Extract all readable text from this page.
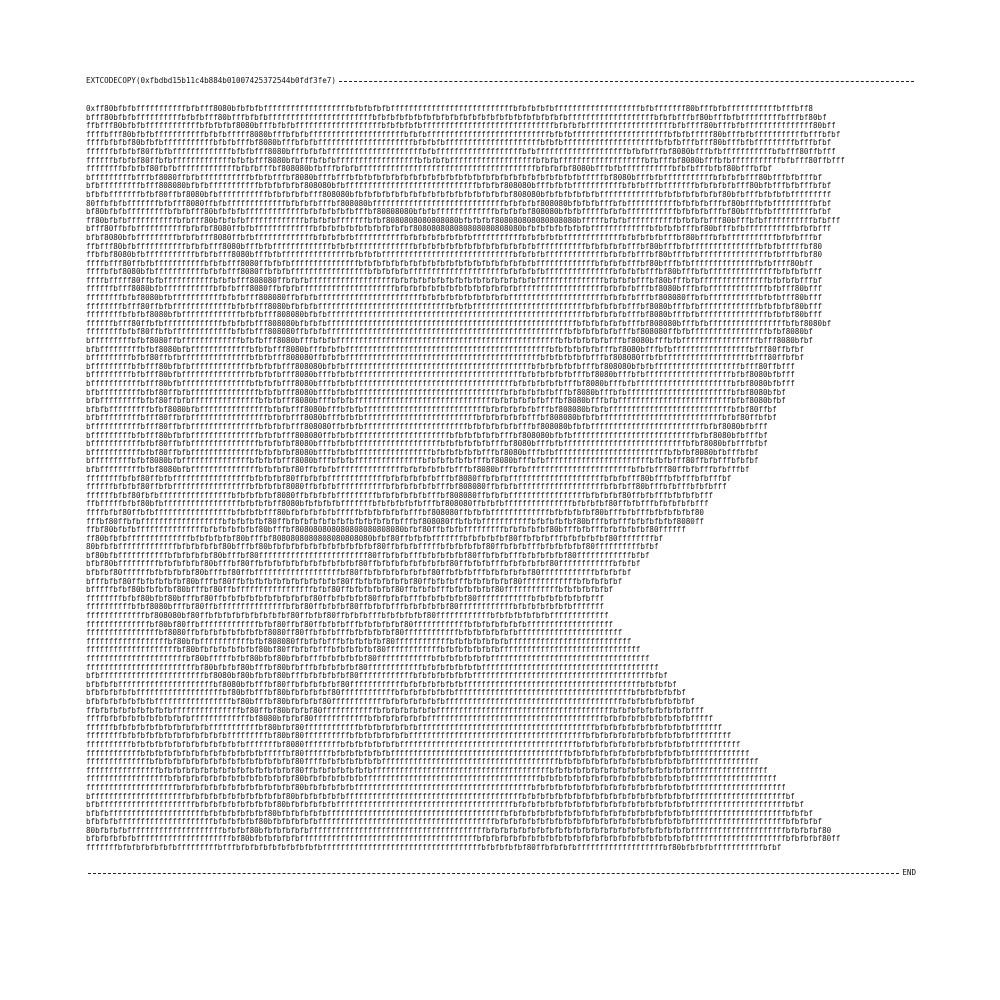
EXTCODECOPY(0xfbdbd15b11c4b884b01007425372544b0fdf3fe7)
0xff80bfbfbfffffffffffbfbfff8080bfbfbfbfffffffffffffffffffbfbfbfbfbfffffffffffffffffffffffffffbfbfbfbfbfffffffffffffffffffbfbfffffff80bfffbfbfffffffffffbfffbff8
bfff80bfbfbffffffffffbfbfbfff80bfffbfbfbfffffffffffffffffffffffbfbfbfbfbfbfbfbfbfbfbfbfbfbfbfbfbfbfbfbfbfbfffffffffffffffffffbfbfbfffbf80bfffbfbfffffffffbfffbf80bf
ffbfff80bfbfbffffffffffffbfbfbfbf8080bfffbfbfbfffffffffffffffffffbfbfbfbfbfffffffffffffffffffffffffffffbfbfbfbfffffffffffffffffffbfbffff80bfffbfbfffffffffffffff80bff
ffffbfff80bfbfbfffffffffffbfbfbfffff8080bfffbfbfbfffffffffffffffffffffbfbfbfffffffffffffffffffffffffffbfbfbfffffffffffffffffffffbfbfbfffff80bfffbfbfffffffffffbfffbfbf
ffffbfbfbf80bfbfbfffffffffffbfbfbfffbf8080bfffbfbfbfffffffffffffffffffffbfbfbfbfffffffffffffffffffffbfbfbfffffffffffffffffffffbfbfbfffbfff80bfffbfbfffffffffbfffbfbf
ffffffbfbfbf80ffbfbfffffffffffffbfbfbfff8080bfffbfbfbfffffffffffffffffffffbfbfffffffffffffffffffbfbffffffffffffffffffffbfbfbfffbf8080bfffbfbfffffffffffbfbfff80ffbfff
ffffffbfbfbf80ffbfbfffffffffffffbfbfbfff8080bfbfffbfbfbffffffffffffffffffbfbfbfbfffffffffffffffffffbfbfbfffffffffffffffffffbfbfffbf8080bfffbfbfffffffffffbfbfff80ffbfff
ffffffffbfbfbf80fbfbfffffffffffffbfbfbfffbf808080bfbfffbfbfbfffffffffffffffffffffffffffffffffffffffbfbfbfbf8080bfffbfbfffffffffffbfbfbfffbfbf80bfffbfbf
bfffffffffbfffbf8080ffbfbfffffffffffbfbfbfffbf8080bfffbfffbfbfbfbfbfbfbfbfbfbfbfbfbfbfbfbfbfbfbfbfbfbfbfbfbfbfffffbf8080bfffbfbfffffffffffbfbfbfbfff80bfffbfbfffbf
bfbfffffffffbfff808080bfbfbfffffffffffbfbfbfbfbf808080bfbfffffffffffffffffffffffffffffbfbfbf808080bfffbfbfbfffffffffffbfbfbfffbfffffffbfbfbfbfbfff80bfbfffbfbfffbfbf
bfbfbfffffffbfbf80ffbf8080bfbfffffffffffbfbfbfbfbfff808080bfbfbfbfbfbfbfbfbfbfbfbfbfbfbfbfbfbf808080bfbfbfbfbfbfbfffffffffffffbfbfbfbfbfbfbf80bfbfffbfbfbfbfffffffff
80ffbfbfbfffffffbfbfff8080ffbfbfffffffffffffbfbfbfbfffbf808080bfffffffffffffffffffffffffffffbfbfbfbf808080bfbfbfbfffbfbfffffffffffbfbfbfbfffbf80bfffbfbfffffffffbfbf
bf80bfbfbfffffffffbfbfbfff80bfbfbfbfffffffffffffbfbfbfbfbfbfffbf80808080bfbfbfffffffffffffbfbfbfbf808080bfbfbfffffbfbfbfffffffffffbfbfbfbfffbf80bfffbfbfffffffffbfbf
ff80bfbfbfffffffffffbfbfff80bfbfbfbfffffffffffffbfbfbfbfffffffbfbf8080808080808080bfbfbfbf808080808080808080bfffffbfbfbfffffffffffbfbfbfbfff80bfffbfbfffffffffffbfbfff
bfff80ffbfbfffffffffffbfbfbf8080ffbfbfffffffffffffbfbfbfbfbfbfbfbfbfbfbf808080808080808080808080bfbfbfbfbfbfbfbfffffffffffffbfbfbfbfffbf80bfffbfbfffffffffffbfbfbfff
bfbf8080bfbfffffffffbfbfbfff8080ffbfbfffffffffffffbfbfbfbfbfffffffffffbfbfbfbfbfbfbfbfffffffffffbfbfbfbfbfffffffffffffbfbfbfbfbfffbf80bfffbfbfffffffffffbfbfbfffbf
ffbfff80bfbfffffffffffbfbfbfff8080bfffbfbfffffffffffffbfbfbfffffffffffffbfbfbfbfbfbfbfbfbfbfbfbfbfbfffffffffffbfbfbfbfbfffbf80bfffbfbfffffffffffffffbfbfbfffffbf80
ffbfbf8080bfbfffffffffffbfbfbfff8080bfffbfbfffffffffffffffbfbfbfbfffffffffffffffffffffffffffffbfbfbfbfffffffffffffbfbfbfbfffbf80bfffbfbfffffffffffffffbfbfffbfbf80
ffffbfff80ffbfbfffffffffffbfbfbfff8080ffbfbfbfffffffffffffffbfbfbfbfbfbfbfbfbfbfbfbfbfbfbfbfbfbfbfbfffffffffffffbfbfbfbfffbf80bfffbfbfffffffffffffffbfbffff80bff
ffffbfbf8080bfbfffffffffffbfbfbfff8080ffbfbfbfffffffffffffffffbfbfbfbfbfffffffffffffffffffffbfbfbfbfbfffffffffffffffbfbfbfbfffbf80bfffbfbfffffffffffffffbfbfbfbfff
ffffbfffff80ffbfbfffffffffffbfbfbfff808080ffbfbfbfffffffffffffffffffbfbfbfbfbfbfbfbfbfbfbfbfbfbfbfbfffffffffffffffbfbfbfbfffbf80bfffbfbfffffffffffffffbfbfbfbfffbf
ffffffbfff8080bfbfffffffffffbfbfbfff8080ffbfbfbfffffffffffffffffffffbfbfbfbfbfbfbfbfbfbfbfbfbfbfffffffffffffffffffbfbfbfbfffbf8080bfffbfbfffffffffffffbfbfff80bfff
ffffffffbfbf8080bfbfffffffffffbfbfbfff808080ffbfbfbfffffffffffffffffffffffbfbfbfbfbfbfbfbfbfbfffffffffffffffffffffbfbfbfbfffbf808080ffbfbfffffffffffbfbfbfff80bfff
ffffffffbfff80ffbfbfffffffffffffbfbfbfff8080bfbfbfbfffffffffffffffffffffffffffffbfbfbfffffffffffffffffffffffffbfbfbfbfbfffbf8080bfffbfbfffffffffffffbfbfbfbf80bfff
ffffffffbfbfbf8080bfbfffffffffffffbfbfbfff808080bfbfbfffffffffffffffffffffffffffffffffffffffffffffffffffffffffbfbfbfbfbfffbf8080bfffbfbfffffffffffffffbfbfbf80bfff
ffffffbfff80ffbfbfffffffffffffbfbfbfbfff808080bfbfbfbfffffffffffffffffffffffffffffffffffffffffffffffffffffffbfbfbfbfbfbfffbf808080bfffbfbfffffffffffffffffbfbf8080bf
ffffffffbfbf80ffbfbfffffffffffffbfbfbfff808080ffbfbfbfffffffffffffffffffffffffffffffffffffffffffffffffffffbfbfbfbfbfbfffbf808080ffbfbfffffffffffffffffbfbf8080bf
bfffffffffbfbf8080ffbfffffffffffffbfbfbfff8080bfffbfbfbfffffffffffffffffffffffffffffffffffffffffffffffffbfbfbfbfbfbfffbf8080bfffbfbfffffffffffffffffbfff8080bfbf
bfbfffffffffbfbf8080bfbfffffffffffffbfbfbfff8080bfffbfbfbfffffffffffffffffffffffffffffffffffffffffffffbfbfbfbfbfbfffbf8080bfffbfbfffffffffffffffffbfff80ffbfbf
bfffffffffbfbf80ffbfbfffffffffffffffbfbfbfff808080ffbfbfbfffffffffffffffffffffffffffffffffffffffffffbfbfbfbfbfbfffbf808080ffbfbfffffffffffffffffffbfff80ffbfbf
bfffffffffbfbfff80bfbfbfffffffffffffbfbfbfbfff808080bfbfbfffffffffffffffffffffffffffffffffffffffffbfbfbfbfbfbfffbf808080bfbfbfffffffffffffffffffbfff80ffbfff
bfffffffffbfbfff80bfbfffffffffffffffbfbfbfbfff8080bfffbfbfbfffffffffffffffffffffffffffffffffffffbfbfbfbfbfbfffbf8080bfffbfbfffffffffffffffffffbfbf8080bfbfff
bfffffffffffbfff80bfbfffffffffffffffbfbfbfbfff8080bfffbfbfbfffffffffffffffffffffffffffffffffffbfbfbfbfbfbfffbf8080bfffbfbfffffffffffffffffffffbfbf8080bfbfff
bfbfffffffffbfbf80ffbfbfffffffffffffffbfbfbfff8080bfffbfbfbfffffffffffffffffffffffffffffffffbfbfbfbfbfbfffbf8080bfffbfbfffffffffffffffffffffffbfbf8080bfbf
bfbfffffffffbfbf80ffbfbfffffffffffffffbfbfbfff8080bfffbfbfbfffffffffffffffffffffffffffffffbfbfbfbfbfbfffbf8080bfffbfbfffffffffffffffffffffffffbfbf8080bfbf
bfbfbfffffffffbfbf8080bfbfffffffffffffffbfbfbfff8080bfffbfbfbfffffffffffffffffffffffffffbfbfbfbfbfbfffbf808080bfbfbfffffffffffffffffffffffffffbfbf80ffbf
bfbfffffffffbfff80ffbfbfffffffffffffffffbfbfbfff8080bfffbfbfbfffffffffffffffffffffffffbfbfbfbfbfbfffbf808080bfbfbfffffffffffffffffffffffffffbfbf80ffbfbf
bfffffffffffbfff80ffbfbfffffffffffffffbfbfbfbfff808080ffbfbfbfffffffffffffffffffffffbfbfbfbfbfbfffbf808080bfbfbfffffffffffffffffffffffffbfbf8080bfbfff
bfffffffffbfbfff80bfbfbfffffffffffffffbfbfbfff808080ffbfbfbfffffffffffffffffffffbfbfbfbfbfbfffbf808080bfbfbfffffffffffffffffffffffffffbfbf8080bfbfffbf
bfffffffffffbfbf80ffbfbfffffffffffffffbfbfbfbf8080bfffbfbfbfffffffffffffffffffbfbfbfbfbfbfffbf8080bfffbfbfffffffffffffffffffffffffffbfbf8080bfbfffbfbf
bfffffffffffbfbf80ffbfbfffffffffffffffbfbfbfbf8080bfffbfbfbfffffffffffffffffbfbfbfbfbfbfffbf8080bfffbfbfffffffffffffffffffffffffbfbfbf8080bfbfffbfbf
bfffffffffbfbf8080bfbfffffffffffffffbfbfbfbfff8080bfffbfbfbfffffffffffffffbfbfbfbfbfbfffbf8080bfffbfbfffffffffffffffffffffffbfbfbfff80ffbfbfffbfbfbf
bfbfffffffffbfbf8080bfbfffffffffffffffbfbfbfbf80ffbfbfbfffffffffffffffbfbfbfbfbfbfffbf8080bfffbfbfffffffffffffffffffffffbfbfbfff80ffbfbfffbfbfffbf
ffffffffbfbf80ffbfbfffffffffffffffffbfbfbfbf80ffbfbfbfffffffffffffbfbfbfbfbfbfffbf8080ffbfbfbfffffffffffffffffffffbfbfbfff80bfffbfbfffbfbfffbf
ffffffbfbfbf80ffbfbfffffffffffffffffbfbfbfbf8080ffbfbfbfffffffffffbfbfbfbfbfbfffbf808080ffbfbfbfffffffffffffffffffbfbfbff80bfffbfbfffbfbfbfff
ffffffbfbf80fbfbffffffffffffffffbfbfbfbfbf8080ffbfbfbfbfffffffffbfbfbfbfbfbfffbf808080ffbfbfbfffffffffffffffffbfbfbfbf80ffbfbfffbfbfbfbfff
ffbfffffbfbf80bfbfffffffffffffffffbfbfbfbff8080bfbfbfbfbfffffffbfbfbfbfbfbfffbf808080ffbfbfbfffffffffffffffbfbfbfbf80ffbfbfffbfbfbfbfbfff
ffffbfbf80ffbfbfffffffffffffffffbfbfbfbfff80bfbfbfbfbfbfffffbfbfbfbfbfbfffbf808080ffbfbfbfffffffffffffbfbfbfbfbf80bfffbfbfffbfbfbfbfbf80
fffbf80ffbfbffffffffffffffffffbfbfbfbfbf80ffbfbfbfbfbfbfbfbfbfbfbfbfbfffbf808080ffbfbfbfffffffffffbfbfbfbfbf80bfffbfbfffbfbfbfbfbf8080ff
ffbf80bfbfbfffffffffffffffbfbfbfbfbfbf80bfffbf808080808080808080808080bfbf80ffbfbfbfffffffffbfbfbfbfbf80bfffbfbfffbfbfbfbfbf80ffffff
ff80bfbfbffffffffffffffbfbfbfbfbf80bfffbf8080808080808080808080bfbf80ffbfbfbfffffffbfbfbfbfbf80ffbfbfbfffbfbfbfbfbf80ffffffffbf
80bfbfbfffffffffffffbfbfbfbfbf80bfffbf80bfbfbfbfbfbfbfbfbfbfbfbf80ffbfbfbfffffbfbfbfbfbf80ffbfbfbfffbfbfbfbfbf80ffffffffffbfbf
bf80bfbfffffffffffbfbfbfbfbf80bfffbf80ffffffffffffffffffffffff80ffbfbfbfffbfbfbfbfbf80ffbfbfbfffbfbfbfbfbf80ffffffffffffbfbf
bfbf80bfffffffffbfbfbfbfbf80bfffbf80ffbfbfbfbfbfbfbfbfbfbfbf80ffbfbfbfbfbfbfbfbf80ffbfbfbfffbfbfbfbfbf80ffffffffffffbfbfbf
bfbfbf80ffffffbfbfbfbfbf80bfffbf80ffbfffffffffffffffffffbf80ffbfbfbfbfbfbfbf80ffbfbfbfffbfbfbfbfbf80ffffffffffffbfbfbfbf
bfffbfbf80ffbfbfbfbfbf80bfffbf80ffbfbfbfbfbfbfbfbfbfbfbf80ffbfbfbfbfbfbf80ffbfbfbfffbfbfbfbfbf80ffffffffffffbfbfbfbfbf
bfffffbfbf80bfbfbfbf80bfffbf80ffbfffffffffffffffffbfbf80ffbfbfbfbfbf80ffbfbfbfffbfbfbfbfbf80ffffffffffffbfbfbfbfbfbf
ffffffffbfbf80bfbf80bfffbf80ffbfbfbfbfbfbfbfbfbfbf80ffbfbfbfbf80ffbfbfbfffbfbfbfbfbf80ffffffffffffbfbfbfbfbfbfbfff
ffffffffffbfbf8080bfffbf80ffbfffffffffffffffbfbf80ffbfbfbf80ffbfbfbfffbfbfbfbfbf80ffffffffffffbfbfbfbfbfbfbfffffff
fffffffffffffbf808080bf80ffbfbfbfbfbfbfbfbfbf80ffbfbf80ffbfbfbfffbfbfbfbfbf80ffffffffffffbfbfbfbfbfbfbfffffffffffff
ffffffffffffffbf80bf80ffbfffffffffffffbfbf80ffbf80ffbfbfbfffbfbfbfbfbf80ffffffffffffbfbfbfbfbfbfbfffffffffffffffffff
ffffffffffffffffbf8080ffbfbfbfbfbfbfbfbf8080ff80ffbfbfbfffbfbfbfbfbf80ffffffffffffbfbfbfbfbfbfbfffffffffffffffffffffff
ffffffffffffffffffbf80bfbfffffffffffbfbf808080ffbfbfbfffbfbfbfbfbf80ffffffffffffbfbfbfbfbfbfbfffffffffffffffffffffffffff
ffffffffffffffffffffbf80bfbfbfbfbfbfbf80bf80ffbfbfbfffbfbfbfbfbf80ffffffffffffbfbfbfbfbfbfbfffffffffffffffffffffffffffffff
ffffffffffffffffffffffbf80bfffffbfbf80bfbf80bfbfbfffbfbfbfbfbf80ffffffffffffbfbfbfbfbfbfbfffffffffffffffffffffffffffffffffff
ffffffffffffffffffffffffbf80bfbfbf80bfffbf80bfbfffbfbfbfbfbf80ffffffffffffbfbfbfbfbfbfbfffffffffffffffffffffffffffffffffffffff
bfbfffffffffffffffffffffffbf8080bf80bfbfbf80bfffbfbfbfbfbf80ffffffffffffbfbfbfbfbfbfbfffffffffffffffffffffffffffffffffffffffbfbf
bfbfbfbfffffffffffffffffffffbf8080bfbfffbf80ffbfbfbfbfbf80ffffffffffffbfbfbfbfbfbfbfffffffffffffffffffffffffffffffffffffffbfbfbfbf
bfbfbfbfbfbfffffffffffffffffffbf80bfbfffbf80bfbfbfbfbf80ffffffffffffbfbfbfbfbfbfbfffffffffffffffffffffffffffffffffffffffbfbfbfbfbfbf
bfbfbfbfbfbfbfbfffffffffffffffffbf80bfffbf80bfbfbfbf80ffffffffffffbfbfbfbfbfbfbfffffffffffffffffffffffffffffffffffffffbfbfbfbfbfbfbfbf
ffbfbfbfbfbfbfbfbfbfffffffffffffffbf80ffbf80bfbfbf80ffffffffffffbfbfbfbfbfbfbfffffffffffffffffffffffffffffffffffffffbfbfbfbfbfbfbfbfbfff
ffffbfbfbfbfbfbfbfbfbfbfffffffffffffbf8080bfbfbf80ffffffffffffbfbfbfbfbfbfbfffffffffffffffffffffffffffffffffffffffbfbfbfbfbfbfbfbfbfbfffff
ffffffbfbfbfbfbfbfbfbfbfbfbfffffffffffbf80bfbf80ffffffffffffbfbfbfbfbfbfbfffffffffffffffffffffffffffffffffffffffbfbfbfbfbfbfbfbfbfbfbfffffff
ffffffffbfbfbfbfbfbfbfbfbfbfbfbfffffffffbf80bf80ffffffffffbfbfbfbfbfbfbfffffffffffffffffffffffffffffffffffffffbfbfbfbfbfbfbfbfbfbfbfbfffffffff
ffffffffffbfbfbfbfbfbfbfbfbfbfbfbfbfffffffbf8080ffffffffbfbfbfbfbfbfbfffffffffffffffffffffffffffffffffffffffbfbfbfbfbfbfbfbfbfbfbfbfbfffffffffff
ffffffffffffbfbfbfbfbfbfbfbfbfbfbfbfbfbfffffbf80ffffffbfbfbfbfbfbfbfffffffffffffffffffffffffffffffffffffffbfbfbfbfbfbfbfbfbfbfbfbfbfbfffffffffffff
ffffffffffffffbfbfbfbfbfbfbfbfbfbfbfbfbfbfbfbf80ffffbfbfbfbfbfbfbfffffffffffffffffffffffffffffffffffffffbfbfbfbfbfbfbfbfbfbfbfbfbfbfbfffffffffffffff
ffffffffffffffffbfbfbfbfbfbfbfbfbfbfbfbfbfbfbf80ffbfbfbfbfbfbfbfffffffffffffffffffffffffffffffffffffffbfbfbfbfbfbfbfbfbfbfbfbfbfbfbfbfffffffffffffffff
ffffffffffffffffffbfbfbfbfbfbfbfbfbfbfbfbfbfbf80bfbfbfbfbfbfbfffffffffffffffffffffffffffffffffffffffbfbfbfbfbfbfbfbfbfbfbfbfbfbfbfbfbfffffffffffffffffff
ffffffffffffffffffffbfbfbfbfbfbfbfbfbfbfbfbfbf80bfbfbfbfbfbfffffffffffffffffffffffffffffffffffffffbfbfbfbfbfbfbfbfbfbfbfbfbfbfbfbfbfbfffffffffffffffffffff
bfffffffffffffffffffffbfbfbfbfbfbfbfbfbfbfbf80bfbfbfbfbfbfffffffffffffffffffffffffffffffffffffffbfbfbfbfbfbfbfbfbfbfbfbfbfbfbfbfbfbfbfffffffffffffffffffffbf
bfbfffffffffffffffffffffbfbfbfbfbfbfbfbfbf80bfbfbfbfbfbfffffffffffffffffffffffffffffffffffffffbfbfbfbfbfbfbfbfbfbfbfbfbfbfbfbfbfbfbfbfffffffffffffffffffffbfbf
bfbfbfffffffffffffffffffffbfbfbfbfbfbfbf80bfbfbfbfbfbfffffffffffffffffffffffffffffffffffffffbfbfbfbfbfbfbfbfbfbfbfbfbfbfbfbfbfbfbfbfbfffffffffffffffffffffbfbfbf
bfbfbfbfffffffffffffffffffffbfbfbfbfbf80bfbfbfbfbfbfffffffffffffffffffffffffffffffffffffffbfbfbfbfbfbfbfbfbfbfbfbfbfbfbfbfbfbfbfbfbfbfffffffffffffffffffffbfbfbfbf
80bfbfbfbfffffffffffffffffffffbfbfbf80bfbfbfbfbfbfffffffffffffffffffffffffffffffffffffffbfbfbfbfbfbfbfbfbfbfbfbfbfbfbfbfbfbfbfbfbfbfbfffffffffffffffffffffbfbfbfbf80
bfbfbfbfbfbfffffffffffffffffffffbf80bfbfbfbfbfbfffffffffffffffffffffffffffffffffffffffbfbfbfbfbfbfbfbfbfbfbfbfbfbfbfbfbfbfbfbfbfbfbfbfffffffffffffffffffffbfbfbfbf80ff
fffffffbfbfbfbfbfbfbfffffffffbfffbfbfbfbfbfbfbfbfbfbfffffffffffffffffffffffffffffffffffbfbfbfbfbf80ffbfbfbfbfffffffffffffffffffbf80bfbfbfbfffffffffffbfbf
END
